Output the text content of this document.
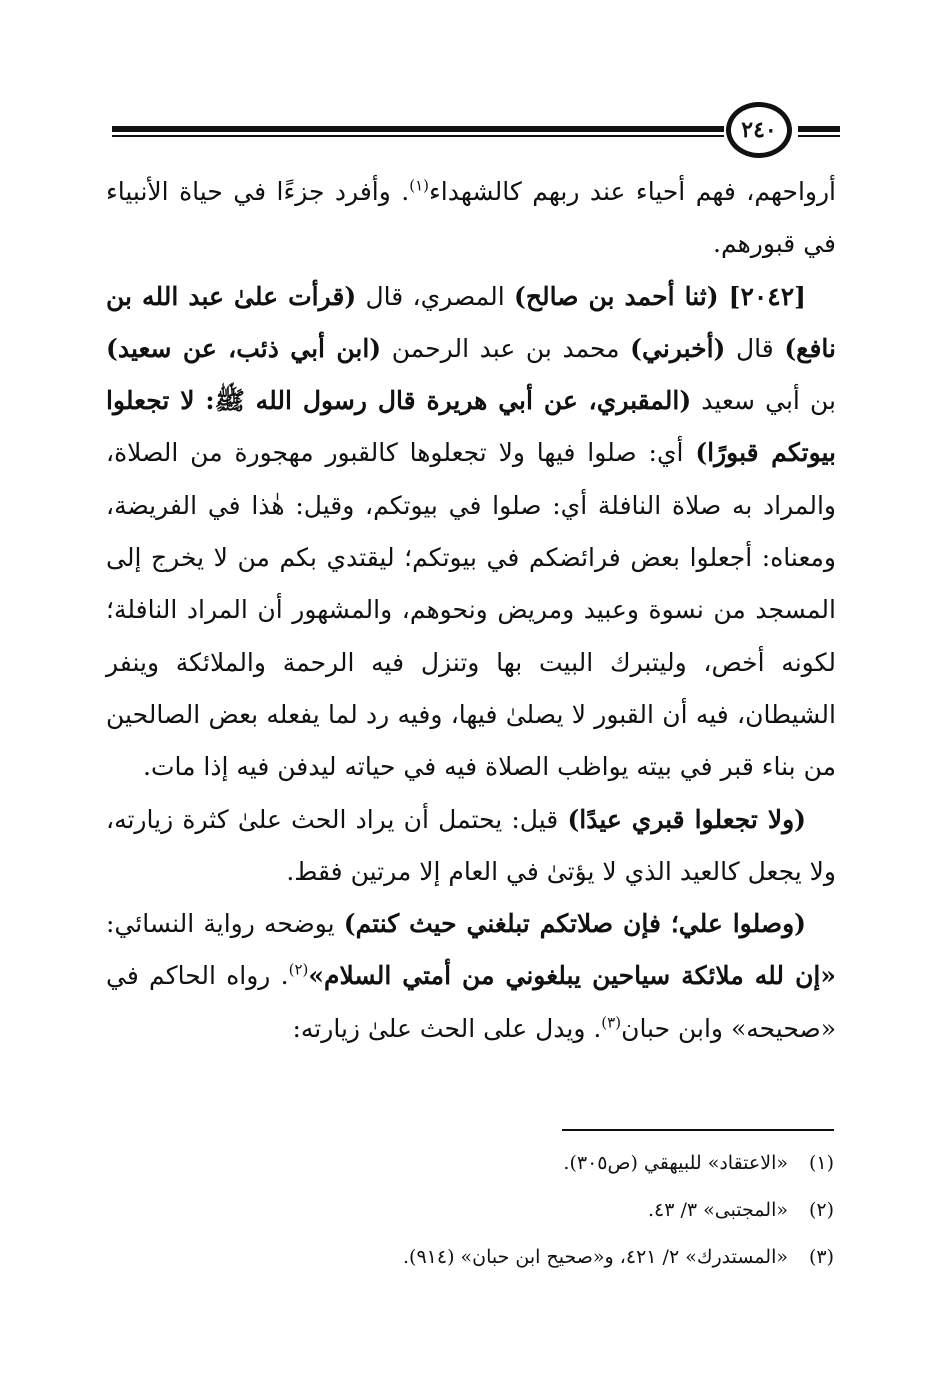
٢٤٠

أرواحهم، فهم أحياء عند ربهم كالشهداء$^{(١)}$. وأفرد جزءًا في حياة الأنبياء في قبورهم.

[٢٠٤٢] (ثنا أحمد بن صالح) المصري، قال (قرأت علىٰ عبد الله بن نافع) قال (أخبرني) محمد بن عبد الرحمن (ابن أبي ذئب، عن سعيد) بن أبي سعيد (المقبري، عن أبي هريرة قال رسول الله ﷺ: لا تجعلوا بيوتكم قبورًا) أي: صلوا فيها ولا تجعلوها كالقبور مهجورة من الصلاة، والمراد به صلاة النافلة أي: صلوا في بيوتكم، وقيل: هٰذا في الفريضة، ومعناه: أجعلوا بعض فرائضكم في بيوتكم؛ ليقتدي بكم من لا يخرج إلى المسجد من نسوة وعبيد ومريض ونحوهم، والمشهور أن المراد النافلة؛ لكونه أخص، وليتبرك البيت بها وتنزل فيه الرحمة والملائكة وينفر الشيطان، فيه أن القبور لا يصلىٰ فيها، وفيه رد لما يفعله بعض الصالحين من بناء قبر في بيته يواظب الصلاة فيه في حياته ليدفن فيه إذا مات.

(ولا تجعلوا قبري عيدًا) قيل: يحتمل أن يراد الحث علىٰ كثرة زيارته، ولا يجعل كالعيد الذي لا يؤتىٰ في العام إلا مرتين فقط.

(وصلوا علي؛ فإن صلاتكم تبلغني حيث كنتم) يوضحه رواية النسائي: «إن لله ملائكة سياحين يبلغوني من أمتي السلام»$^{(٢)}$. رواه الحاكم في «صحيحه» وابن حبان$^{(٣)}$. ويدل على الحث علىٰ زيارته:

(١)«الاعتقاد» للبيهقي (ص٣٠٥).

(٢)«المجتبى» ٣/ ٤٣.

(٣)«المستدرك» ٢/ ٤٢١، و«صحيح ابن حبان» (٩١٤).
